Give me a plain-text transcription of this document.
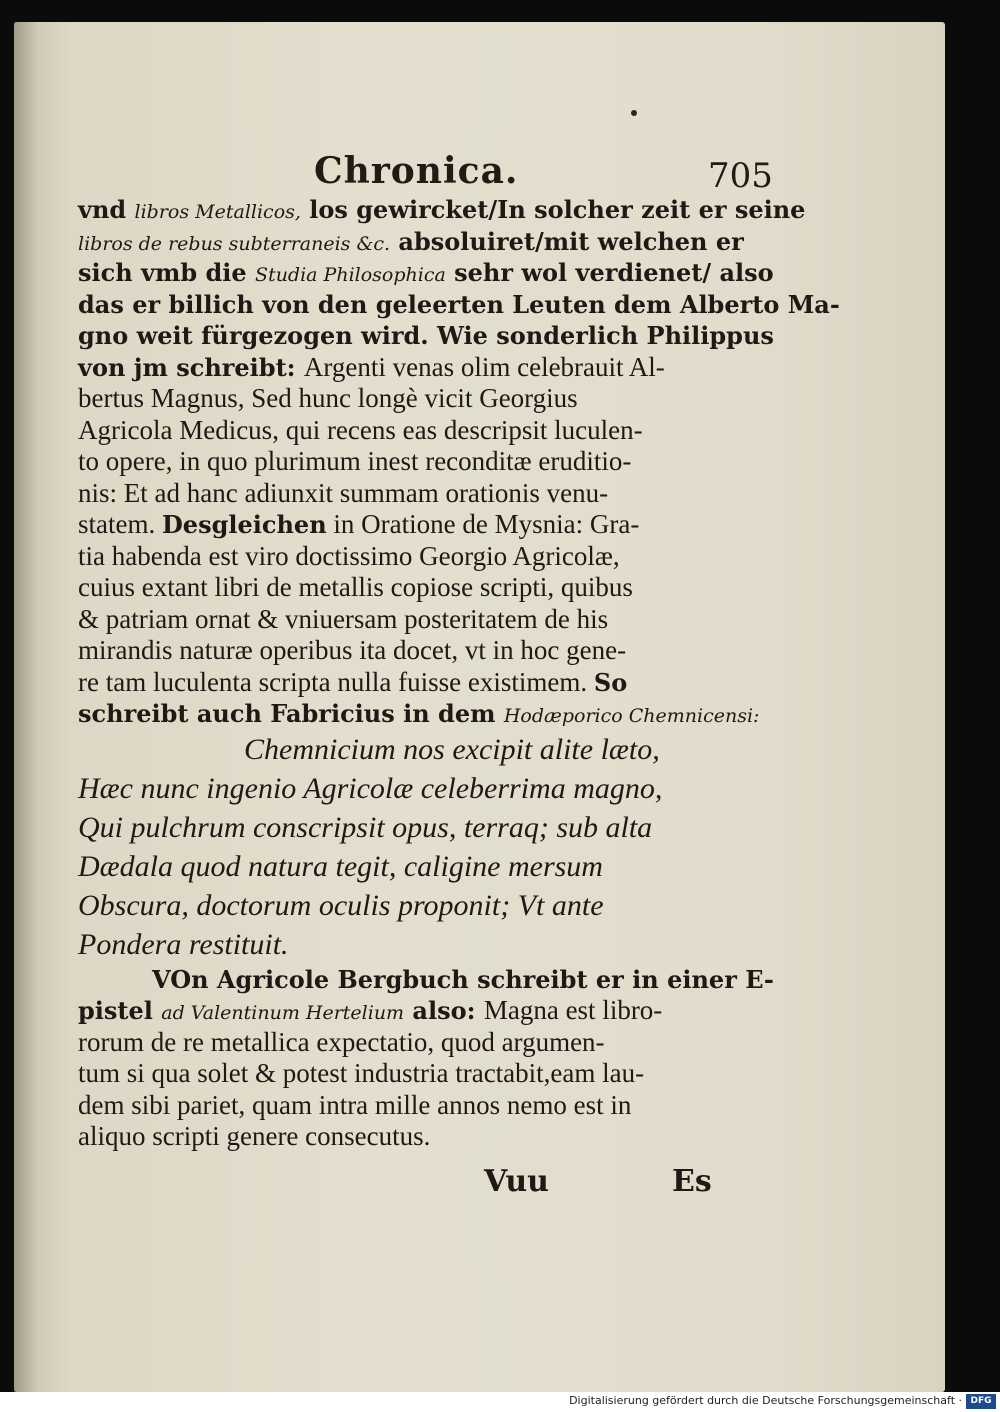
Chronica.	705
vnd libros Metallicos, los gewircket/In solcher zeit er seine
libros de rebus subterraneis &c. absoluiret/mit welchen er
sich vmb die Studia Philosophica sehr wol verdienet/ also
das er billich von den geleerten Leuten dem Alberto Ma-
gno weit fürgezogen wird. Wie sonderlich Philippus
von jm schreibt: Argenti venas olim celebrauit Al-
bertus Magnus, Sed hunc longè vicit Georgius
Agricola Medicus, qui recens eas descripsit luculen-
to opere, in quo plurimum inest reconditæ eruditio-
nis: Et ad hanc adiunxit summam orationis venu-
statem. Desgleichen in Oratione de Mysnia: Gra-
tia habenda est viro doctissimo Georgio Agricolæ,
cuius extant libri de metallis copiose scripti, quibus
& patriam ornat & vniuersam posteritatem de his
mirandis naturæ operibus ita docet, vt in hoc gene-
re tam luculenta scripta nulla fuisse existimem. So
schreibt auch Fabricius in dem Hodæporico Chemnicensi:
Chemnicium nos excipit alite læto,
Hæc nunc ingenio Agricolæ celeberrima magno,
Qui pulchrum conscripsit opus, terraq; sub alta
Dædala quod natura tegit, caligine mersum
Obscura, doctorum oculis proponit; Vt ante
Pondera restituit.
VOn Agricole Bergbuch schreibt er in einer E-
pistel ad Valentinum Hertelium also: Magna est libro-
rorum de re metallica expectatio, quod argumen-
tum si qua solet & potest industria tractabit,eam lau-
dem sibi pariet, quam intra mille annos nemo est in
aliquo scripti genere consecutus.
Vuu	Es
Digitalisierung gefördert durch die Deutsche Forschungsgemeinschaft · DFG
